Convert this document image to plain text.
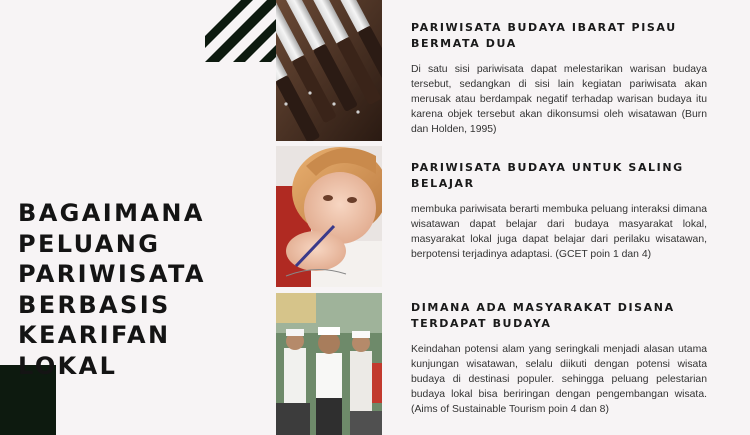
BAGAIMANA PELUANG PARIWISATA BERBASIS KEARIFAN LOKAL
PARIWISATA BUDAYA IBARAT PISAU BERMATA DUA

Di satu sisi pariwisata dapat melestarikan warisan budaya tersebut, sedangkan di sisi lain kegiatan pariwisata akan merusak atau berdampak negatif terhadap warisan budaya itu karena objek tersebut akan dikonsumsi oleh wisatawan (Burn dan Holden, 1995)

PARIWISATA BUDAYA UNTUK SALING BELAJAR

membuka pariwisata berarti membuka peluang interaksi dimana wisatawan dapat belajar dari budaya masyarakat lokal, masyarakat lokal juga dapat belajar dari perilaku wisatawan, berpotensi terjadinya adaptasi. (GCET poin 1 dan 4)

DIMANA ADA MASYARAKAT DISANA TERDAPAT BUDAYA

Keindahan potensi alam yang seringkali menjadi alasan utama kunjungan wisatawan, selalu diikuti dengan potensi wisata budaya di destinasi populer. sehingga peluang pelestarian budaya lokal bisa beriringan dengan pengembangan wisata. (Aims of Sustainable Tourism poin 4 dan 8)
